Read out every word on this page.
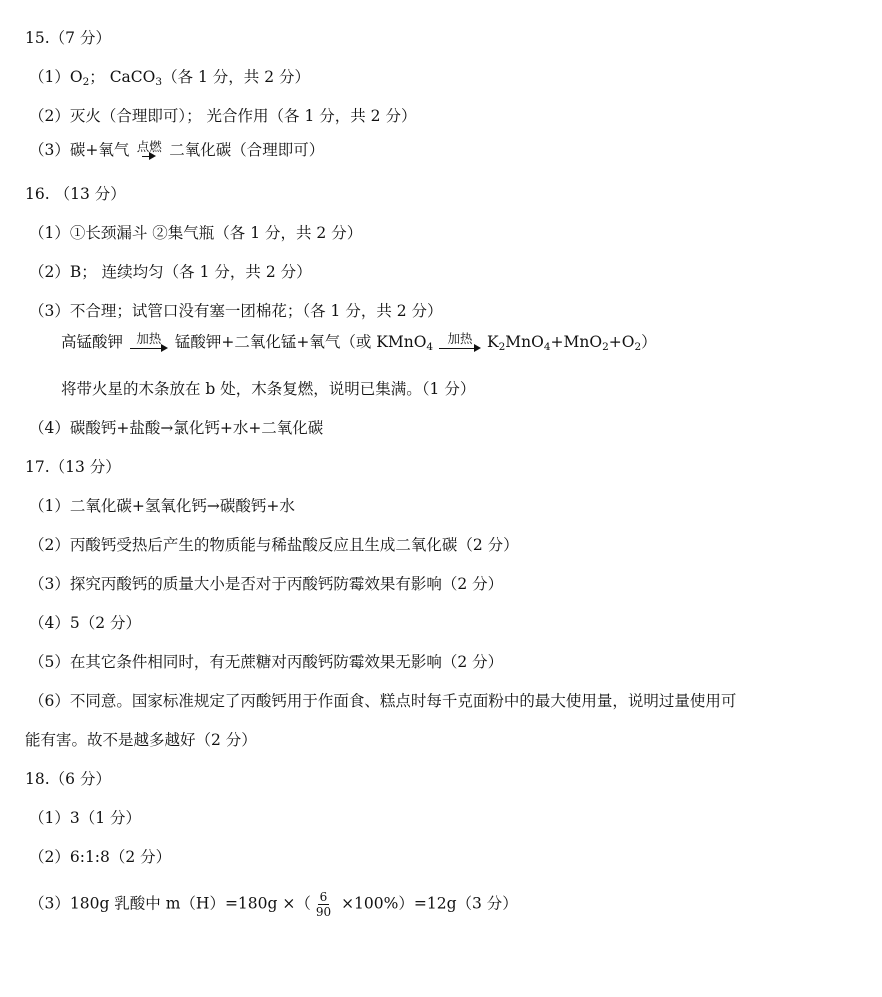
15.（7 分）
$(1)O_2$； CaCO$_3$（各 1 分，共 2 分）
（2）灭火（合理即可）； 光合作用（各 1 分，共 2 分）
（3）碳+氧气 点燃 二氧化碳（合理即可）
16. （13 分）
（1）①长颈漏斗 ②集气瓶（各 1 分，共 2 分）
（2）B； 连续均匀（各 1 分，共 2 分）
（3）不合理；试管口没有塞一团棉花；（各 1 分，共 2 分）
高锰酸钾 加热 锰酸钾+二氧化锰+氧气（或 KMnO$_4$
加热 $K_2MnO_4+MnO_2+O_2$）
将带火星的木条放在 b 处，木条复燃，说明已集满。（1 分）
（4）碳酸钙+盐酸→氯化钙+水+二氧化碳
17.（13 分）
（1）二氧化碳+氢氧化钙→碳酸钙+水
（2）丙酸钙受热后产生的物质能与稀盐酸反应且生成二氧化碳（2 分）
（3）探究丙酸钙的质量大小是否对于丙酸钙防霉效果有影响（2 分）
（4）5（2 分）
（5）在其它条件相同时，有无蔗糖对丙酸钙防霉效果无影响（2 分）
（6）不同意。国家标准规定了丙酸钙用于作面食、糕点时每千克面粉中的最大使用量，说明过量使用可
能有害。故不是越多越好（2 分）
18.（6 分）
（1）3（1 分）
（2）6:1:8（2 分）
（3）180g 乳酸中 m（H）=180g ×（ $\frac{6}{90} \times 100\%)=12g(3$ 分）
